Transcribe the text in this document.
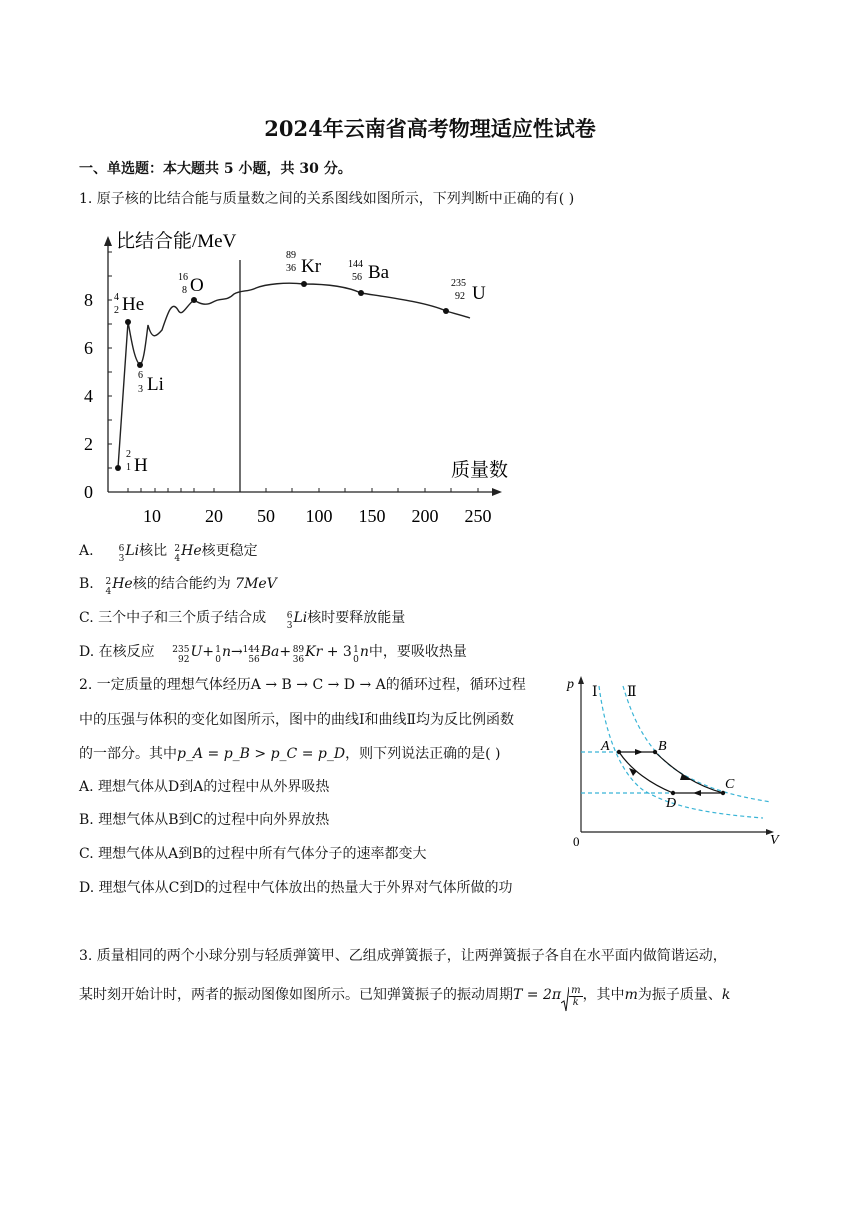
2024年云南省高考物理适应性试卷
一、单选题：本大题共 5 小题，共 30 分。
1. 原子核的比结合能与质量数之间的关系图线如图所示，下列判断中正确的有( )
比结合能/MeV
质量数
0
2
4
6
8
10 20 50 100 150 200 250
2
1 H
4
2 He
6
3 Li
16
8 O
89
36 Kr	144
56 Ba
235
92 U
A.	6
3 Li核比 2
4 He核更稳定
B. 2
4 He核的结合能约为 7MeV
C. 三个中子和三个质子结合成 6
3 Li核时要释放能量
D. 在核反应 235
92 U+ 1
0 n→ 144
56 Ba+ 89
36 Kr + 3 1
0 n中，要吸收热量
2. 一定质量的理想气体经历A → B → C → D → A的循环过程，循环过程
中的压强与体积的变化如图所示，图中的曲线Ⅰ和曲线Ⅱ均为反比例函数
的一部分。其中p_A = p_B > p_C = p_D，则下列说法正确的是( )
A. 理想气体从D到A的过程中从外界吸热
B. 理想气体从B到C的过程中向外界放热
C. 理想气体从A到B的过程中所有气体分子的速率都变大
D. 理想气体从C到D的过程中气体放出的热量大于外界对气体所做的功
p
V
0
Ⅰ Ⅱ
A	B
C
D
3. 质量相同的两个小球分别与轻质弹簧甲、乙组成弹簧振子，让两弹簧振子各自在水平面内做简谐运动，
某时刻开始计时，两者的振动图像如图所示。已知弹簧振子的振动周期$T = 2\pi \frac{m}{k}$ ，其中m为振子质量、k
